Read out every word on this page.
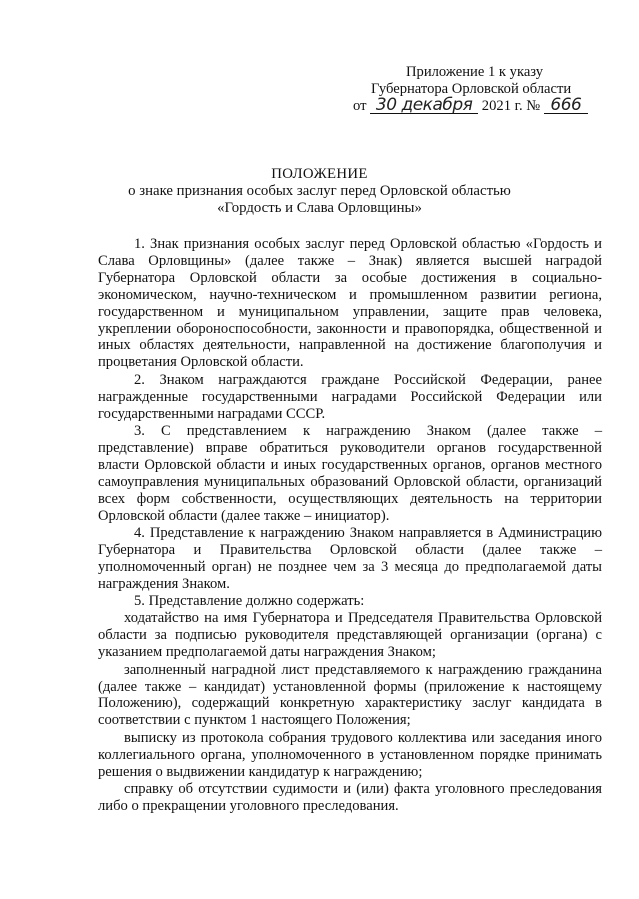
Приложение 1 к указу
Губернатора Орловской области
от 30 декабря 2021 г. № 666
ПОЛОЖЕНИЕ
о знаке признания особых заслуг перед Орловской областью
«Гордость и Слава Орловщины»

1. Знак признания особых заслуг перед Орловской областью «Гордость и Слава Орловщины» (далее также – Знак) является высшей наградой Губернатора Орловской области за особые достижения в социально-экономическом, научно-техническом и промышленном развитии региона, государственном и муниципальном управлении, защите прав человека, укреплении обороноспособности, законности и правопорядка, общественной и иных областях деятельности, направленной на достижение благополучия и процветания Орловской области.

2. Знаком награждаются граждане Российской Федерации, ранее награжденные государственными наградами Российской Федерации или государственными наградами СССР.

3. С представлением к награждению Знаком (далее также – представление) вправе обратиться руководители органов государственной власти Орловской области и иных государственных органов, органов местного самоуправления муниципальных образований Орловской области, организаций всех форм собственности, осуществляющих деятельность на территории Орловской области (далее также – инициатор).

4. Представление к награждению Знаком направляется в Администрацию Губернатора и Правительства Орловской области (далее также – уполномоченный орган) не позднее чем за 3 месяца до предполагаемой даты награждения Знаком.

5. Представление должно содержать:

ходатайство на имя Губернатора и Председателя Правительства Орловской области за подписью руководителя представляющей организации (органа) с указанием предполагаемой даты награждения Знаком;

заполненный наградной лист представляемого к награждению гражданина (далее также – кандидат) установленной формы (приложение к настоящему Положению), содержащий конкретную характеристику заслуг кандидата в соответствии с пунктом 1 настоящего Положения;

выписку из протокола собрания трудового коллектива или заседания иного коллегиального органа, уполномоченного в установленном порядке принимать решения о выдвижении кандидатур к награждению;

справку об отсутствии судимости и (или) факта уголовного преследования либо о прекращении уголовного преследования.
